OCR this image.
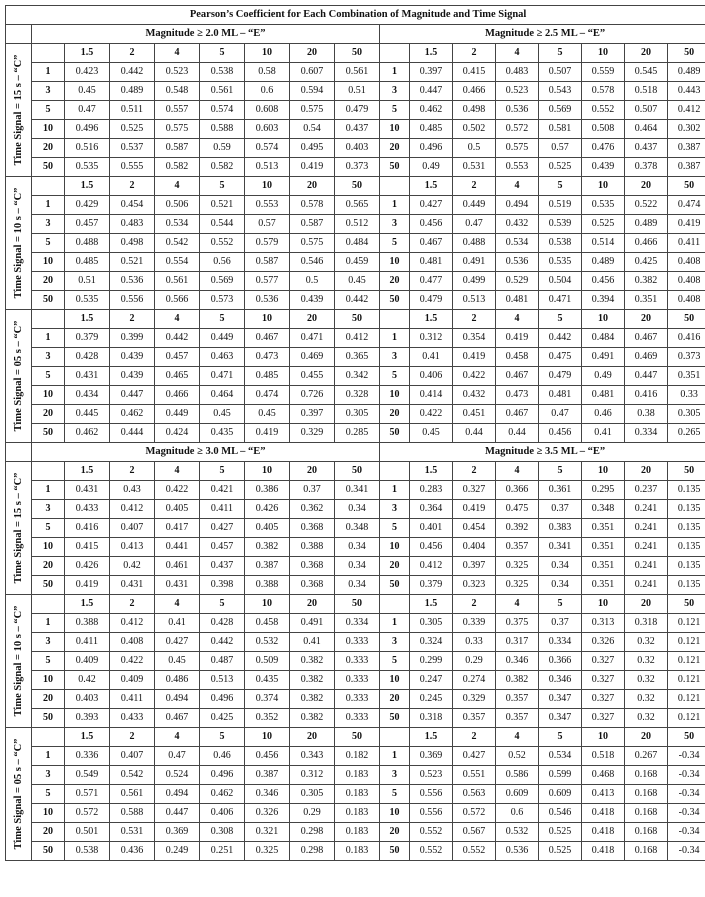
Pearson’s Coefficient for Each Combination of Magnitude and Time Signal																
	Magnitude ≥ 2.0 ML – “E”								Magnitude ≥ 2.5 ML – “E”							

Time Signal = 15 s – “C”		1.5	2	4	5	10	20	50		1.5	2	4	5	10	20	50
	1	0.423	0.442	0.523	0.538	0.58	0.607	0.561	1	0.397	0.415	0.483	0.507	0.559	0.545	0.489
	3	0.45	0.489	0.548	0.561	0.6	0.594	0.51	3	0.447	0.466	0.523	0.543	0.578	0.518	0.443
	5	0.47	0.511	0.557	0.574	0.608	0.575	0.479	5	0.462	0.498	0.536	0.569	0.552	0.507	0.412
	10	0.496	0.525	0.575	0.588	0.603	0.54	0.437	10	0.485	0.502	0.572	0.581	0.508	0.464	0.302
	20	0.516	0.537	0.587	0.59	0.574	0.495	0.403	20	0.496	0.5	0.575	0.57	0.476	0.437	0.387
	50	0.535	0.555	0.582	0.582	0.513	0.419	0.373	50	0.49	0.531	0.553	0.525	0.439	0.378	0.387

Time Signal = 10 s – “C”		1.5	2	4	5	10	20	50		1.5	2	4	5	10	20	50
	1	0.429	0.454	0.506	0.521	0.553	0.578	0.565	1	0.427	0.449	0.494	0.519	0.535	0.522	0.474
	3	0.457	0.483	0.534	0.544	0.57	0.587	0.512	3	0.456	0.47	0.432	0.539	0.525	0.489	0.419
	5	0.488	0.498	0.542	0.552	0.579	0.575	0.484	5	0.467	0.488	0.534	0.538	0.514	0.466	0.411
	10	0.485	0.521	0.554	0.56	0.587	0.546	0.459	10	0.481	0.491	0.536	0.535	0.489	0.425	0.408
	20	0.51	0.536	0.561	0.569	0.577	0.5	0.45	20	0.477	0.499	0.529	0.504	0.456	0.382	0.408
	50	0.535	0.556	0.566	0.573	0.536	0.439	0.442	50	0.479	0.513	0.481	0.471	0.394	0.351	0.408

Time Signal = 05 s – “C”		1.5	2	4	5	10	20	50		1.5	2	4	5	10	20	50
	1	0.379	0.399	0.442	0.449	0.467	0.471	0.412	1	0.312	0.354	0.419	0.442	0.484	0.467	0.416
	3	0.428	0.439	0.457	0.463	0.473	0.469	0.365	3	0.41	0.419	0.458	0.475	0.491	0.469	0.373
	5	0.431	0.439	0.465	0.471	0.485	0.455	0.342	5	0.406	0.422	0.467	0.479	0.49	0.447	0.351
	10	0.434	0.447	0.466	0.464	0.474	0.726	0.328	10	0.414	0.432	0.473	0.481	0.481	0.416	0.33
	20	0.445	0.462	0.449	0.45	0.45	0.397	0.305	20	0.422	0.451	0.467	0.47	0.46	0.38	0.305
	50	0.462	0.444	0.424	0.435	0.419	0.329	0.285	50	0.45	0.44	0.44	0.456	0.41	0.334	0.265
	Magnitude ≥ 3.0 ML – “E”								Magnitude ≥ 3.5 ML – “E”							

Time Signal = 15 s – “C”		1.5	2	4	5	10	20	50		1.5	2	4	5	10	20	50
	1	0.431	0.43	0.422	0.421	0.386	0.37	0.341	1	0.283	0.327	0.366	0.361	0.295	0.237	0.135
	3	0.433	0.412	0.405	0.411	0.426	0.362	0.34	3	0.364	0.419	0.475	0.37	0.348	0.241	0.135
	5	0.416	0.407	0.417	0.427	0.405	0.368	0.348	5	0.401	0.454	0.392	0.383	0.351	0.241	0.135
	10	0.415	0.413	0.441	0.457	0.382	0.388	0.34	10	0.456	0.404	0.357	0.341	0.351	0.241	0.135
	20	0.426	0.42	0.461	0.437	0.387	0.368	0.34	20	0.412	0.397	0.325	0.34	0.351	0.241	0.135
	50	0.419	0.431	0.431	0.398	0.388	0.368	0.34	50	0.379	0.323	0.325	0.34	0.351	0.241	0.135

Time Signal = 10 s – “C”		1.5	2	4	5	10	20	50		1.5	2	4	5	10	20	50
	1	0.388	0.412	0.41	0.428	0.458	0.491	0.334	1	0.305	0.339	0.375	0.37	0.313	0.318	0.121
	3	0.411	0.408	0.427	0.442	0.532	0.41	0.333	3	0.324	0.33	0.317	0.334	0.326	0.32	0.121
	5	0.409	0.422	0.45	0.487	0.509	0.382	0.333	5	0.299	0.29	0.346	0.366	0.327	0.32	0.121
	10	0.42	0.409	0.486	0.513	0.435	0.382	0.333	10	0.247	0.274	0.382	0.346	0.327	0.32	0.121
	20	0.403	0.411	0.494	0.496	0.374	0.382	0.333	20	0.245	0.329	0.357	0.347	0.327	0.32	0.121
	50	0.393	0.433	0.467	0.425	0.352	0.382	0.333	50	0.318	0.357	0.357	0.347	0.327	0.32	0.121

Time Signal = 05 s – “C”		1.5	2	4	5	10	20	50		1.5	2	4	5	10	20	50
	1	0.336	0.407	0.47	0.46	0.456	0.343	0.182	1	0.369	0.427	0.52	0.534	0.518	0.267	-0.34
	3	0.549	0.542	0.524	0.496	0.387	0.312	0.183	3	0.523	0.551	0.586	0.599	0.468	0.168	-0.34
	5	0.571	0.561	0.494	0.462	0.346	0.305	0.183	5	0.556	0.563	0.609	0.609	0.413	0.168	-0.34
	10	0.572	0.588	0.447	0.406	0.326	0.29	0.183	10	0.556	0.572	0.6	0.546	0.418	0.168	-0.34
	20	0.501	0.531	0.369	0.308	0.321	0.298	0.183	20	0.552	0.567	0.532	0.525	0.418	0.168	-0.34
	50	0.538	0.436	0.249	0.251	0.325	0.298	0.183	50	0.552	0.552	0.536	0.525	0.418	0.168	-0.34
